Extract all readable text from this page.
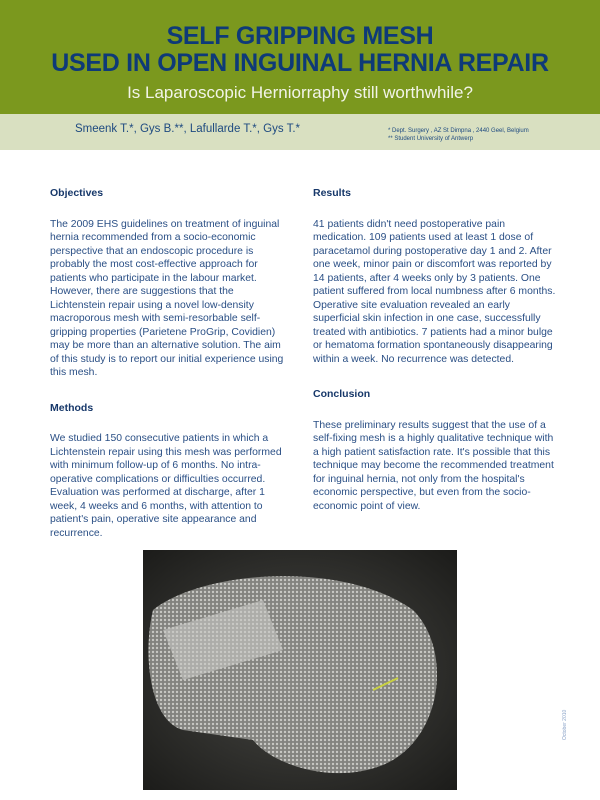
SELF GRIPPING MESH
USED IN OPEN INGUINAL HERNIA REPAIR
Is Laparoscopic Herniorraphy still worthwhile?
Smeenk T.*, Gys B.**, Lafullarde T.*, Gys T.*	* Dept. Surgery , AZ St Dimpna , 2440 Geel, Belgium
** Student University of Antwerp
Objectives

The 2009 EHS guidelines on treatment of inguinal hernia recommended from a socio-economic perspective that an endoscopic procedure is probably the most cost-effective approach for patients who participate in the labour market. However, there are suggestions that the Lichtenstein repair using a novel low-density macroporous mesh with semi-resorbable self-gripping properties (Parietene ProGrip, Covidien) may be more than an alternative solution. The aim of this study is to report our initial experience using this mesh.

Methods

We studied 150 consecutive patients in which a Lichtenstein repair using this mesh was performed with minimum follow-up of 6 months. No intra-operative complications or difficulties occurred. Evaluation was performed at discharge, after 1 week, 4 weeks and 6 months, with attention to patient's pain, operative site appearance and recurrence.

Results

41 patients didn't need postoperative pain medication. 109 patients used at least 1 dose of paracetamol during postoperative day 1 and 2. After one week, minor pain or discomfort was reported by 14 patients, after 4 weeks only by 3 patients. One patient suffered from local numbness after 6 months. Operative site evaluation revealed an early superficial skin infection in one case, successfully treated with antibiotics. 7 patients had a minor bulge or hematoma formation spontaneously disappearing within a week. No recurrence was detected.

Conclusion

These preliminary results suggest that the use of a self-fixing mesh is a highly qualitative technique with a high patient satisfaction rate. It's possible that this technique may become the recommended treatment for inguinal hernia, not only from the hospital's economic perspective, but even from the socio-economic point of view.

October 2010
